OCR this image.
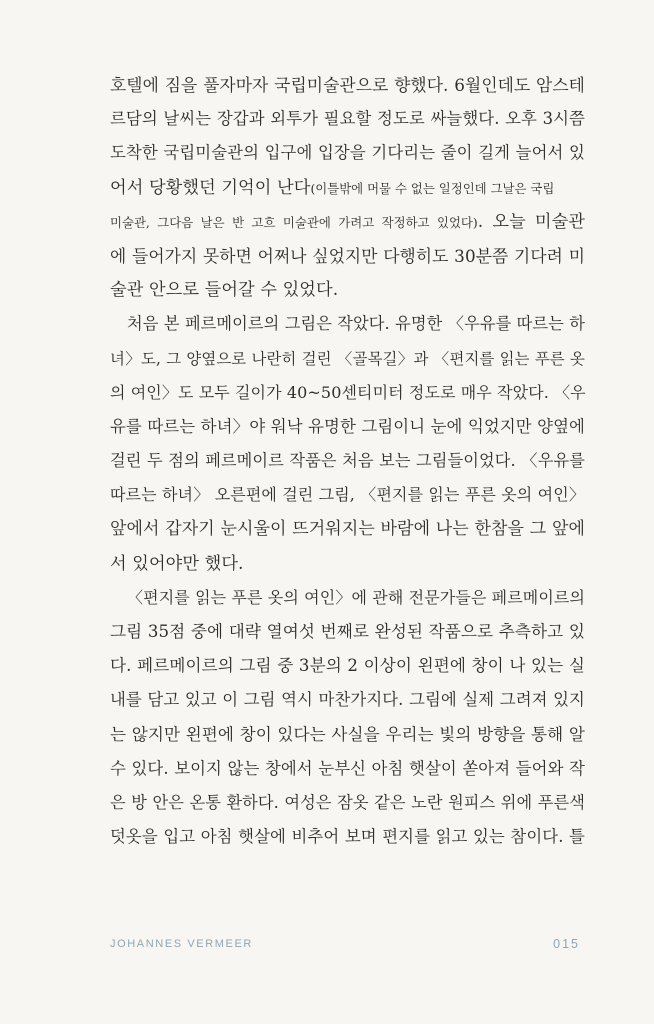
호텔에 짐을 풀자마자 국립미술관으로 향했다. 6월인데도 암스테
르담의 날씨는 장갑과 외투가 필요할 정도로 싸늘했다. 오후 3시쯤
도착한 국립미술관의 입구에 입장을 기다리는 줄이 길게 늘어서 있
어서 당황했던 기억이 난다(이틀밖에 머물 수 없는 일정인데 그날은 국립
미술관, 그다음 날은 반 고흐 미술관에 가려고 작정하고 있었다). 오늘 미술관
에 들어가지 못하면 어쩌나 싶었지만 다행히도 30분쯤 기다려 미
술관 안으로 들어갈 수 있었다.
처음 본 페르메이르의 그림은 작았다. 유명한 〈우유를 따르는 하
녀〉도, 그 양옆으로 나란히 걸린 〈골목길〉과 〈편지를 읽는 푸른 옷
의 여인〉도 모두 길이가 40~50센티미터 정도로 매우 작았다. 〈우
유를 따르는 하녀〉야 워낙 유명한 그림이니 눈에 익었지만 양옆에
걸린 두 점의 페르메이르 작품은 처음 보는 그림들이었다. 〈우유를
따르는 하녀〉 오른편에 걸린 그림, 〈편지를 읽는 푸른 옷의 여인〉
앞에서 갑자기 눈시울이 뜨거워지는 바람에 나는 한참을 그 앞에
서 있어야만 했다.
〈편지를 읽는 푸른 옷의 여인〉에 관해 전문가들은 페르메이르의
그림 35점 중에 대략 열여섯 번째로 완성된 작품으로 추측하고 있
다. 페르메이르의 그림 중 3분의 2 이상이 왼편에 창이 나 있는 실
내를 담고 있고 이 그림 역시 마찬가지다. 그림에 실제 그려져 있지
는 않지만 왼편에 창이 있다는 사실을 우리는 빛의 방향을 통해 알
수 있다. 보이지 않는 창에서 눈부신 아침 햇살이 쏟아져 들어와 작
은 방 안은 온통 환하다. 여성은 잠옷 같은 노란 원피스 위에 푸른색
덧옷을 입고 아침 햇살에 비추어 보며 편지를 읽고 있는 참이다. 틀
JOHANNES VERMEER	015
